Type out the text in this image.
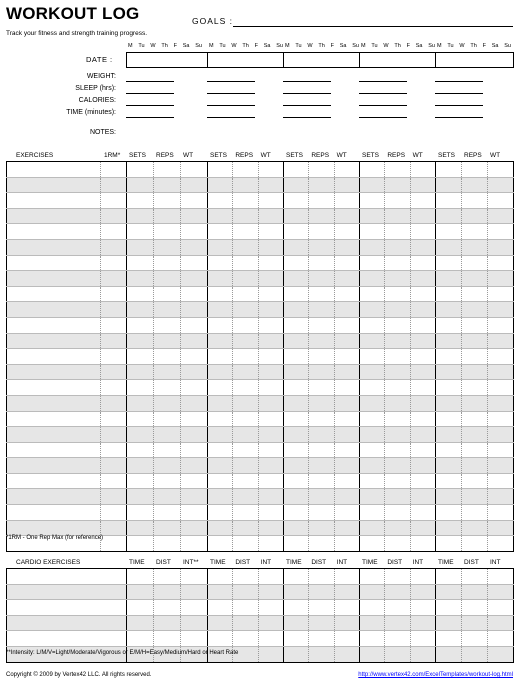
WORKOUT LOG	GOALS :
Track your fitness and strength training progress.
M Tu W Th F Sa Su M Tu W Th F Sa Su M Tu W Th F Sa Su M Tu W Th F Sa Su M Tu W Th F Sa Su
DATE :
WEIGHT:
SLEEP (hrs):
CALORIES:
TIME (minutes):
NOTES:
EXERCISES	1RM* SETS REPS WT	SETS REPS WT SETS REPS WT SETS REPS WT SETS REPS WT

*1RM - One Rep Max (for reference)
CARDIO EXERCISES	TIME DIST INT** TIME DIST INT TIME DIST INT TIME DIST INT TIME DIST INT

**Intensity: L/M/V=Light/Moderate/Vigorous or E/M/H=Easy/Medium/Hard or Heart Rate
Copyright © 2009 by Vertex42 LLC. All rights reserved.	http://www.vertex42.com/ExcelTemplates/workout-log.html
